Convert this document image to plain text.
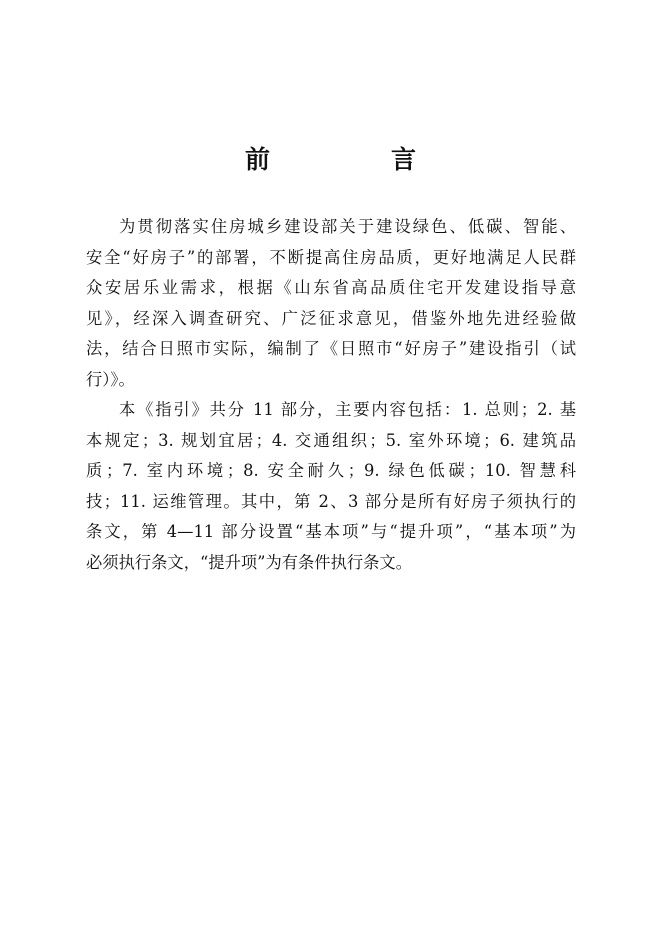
前　言
为贯彻落实住房城乡建设部关于建设绿色、低碳、智能、
安全“好房子”的部署，不断提高住房品质，更好地满足人民群
众安居乐业需求，根据《山东省高品质住宅开发建设指导意
见》，经深入调查研究、广泛征求意见，借鉴外地先进经验做
法，结合日照市实际，编制了《日照市“好房子”建设指引（试
行）》。
本《指引》共分 11 部分，主要内容包括：1. 总则；2. 基
本规定；3. 规划宜居；4. 交通组织；5. 室外环境；6. 建筑品
质；7. 室内环境；8. 安全耐久；9. 绿色低碳；10. 智慧科
技；11. 运维管理。其中，第 2、3 部分是所有好房子须执行的
条文，第 4—11 部分设置“基本项”与“提升项”，“基本项”为
必须执行条文，“提升项”为有条件执行条文。
